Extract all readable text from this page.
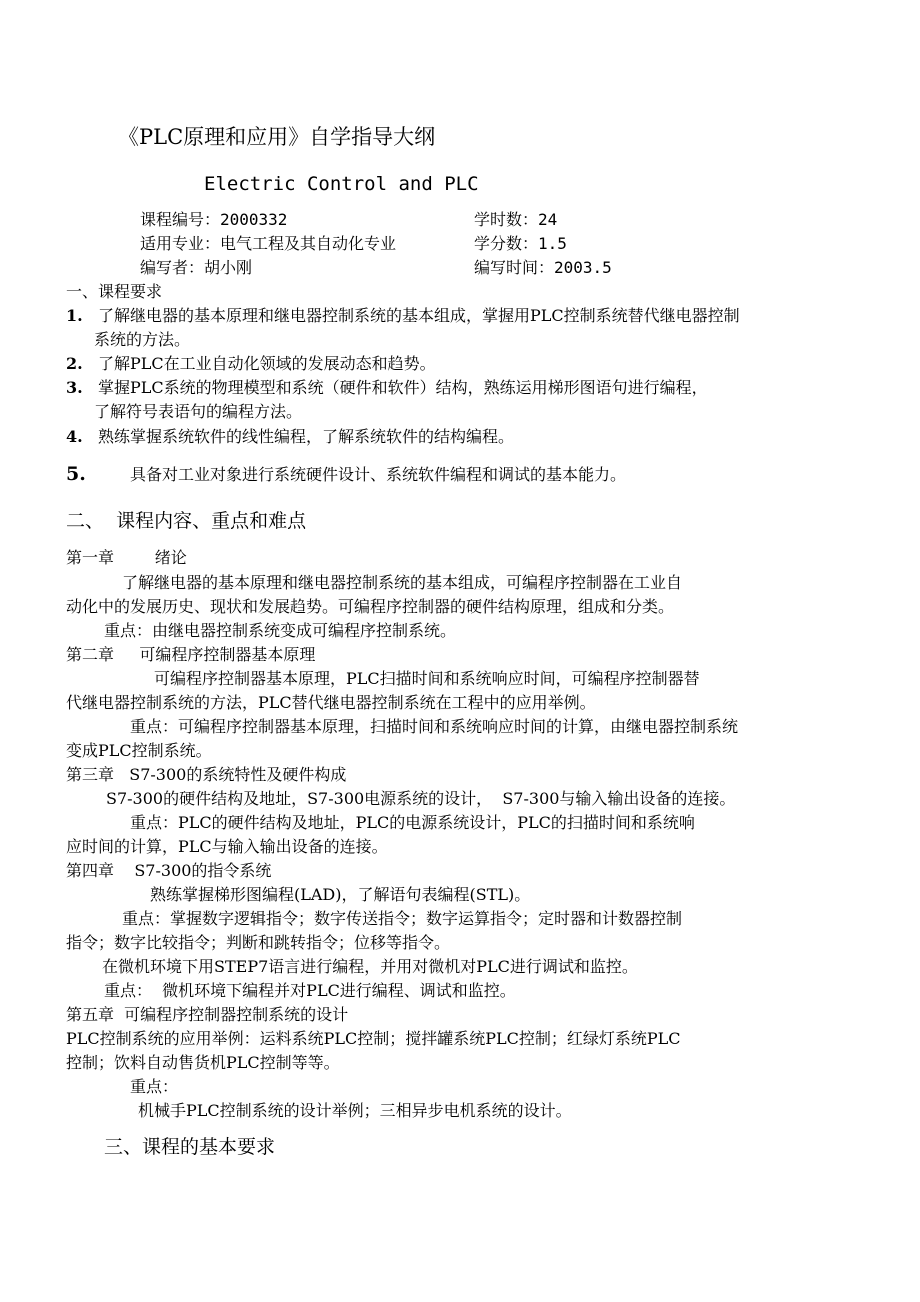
《PLC原理和应用》自学指导大纲
Electric Control and PLC
课程编号：2000332	学时数：24
适用专业：电气工程及其自动化专业	学分数：1.5
编写者：胡小刚	编写时间：2003.5
一、课程要求
1. 了解继电器的基本原理和继电器控制系统的基本组成，掌握用PLC控制系统替代继电器控制
系统的方法。
2. 了解PLC在工业自动化领域的发展动态和趋势。
3. 掌握PLC系统的物理模型和系统（硬件和软件）结构，熟练运用梯形图语句进行编程，
了解符号表语句的编程方法。
4. 熟练掌握系统软件的线性编程，了解系统软件的结构编程。
5.	具备对工业对象进行系统硬件设计、系统软件编程和调试的基本能力。
二、  课程内容、重点和难点
第一章        绪论
了解继电器的基本原理和继电器控制系统的基本组成，可编程序控制器在工业自
动化中的发展历史、现状和发展趋势。可编程序控制器的硬件结构原理，组成和分类。
重点：由继电器控制系统变成可编程序控制系统。
第二章     可编程序控制器基本原理
可编程序控制器基本原理，PLC扫描时间和系统响应时间，可编程序控制器替
代继电器控制系统的方法，PLC替代继电器控制系统在工程中的应用举例。
重点：可编程序控制器基本原理，扫描时间和系统响应时间的计算，由继电器控制系统
变成PLC控制系统。
第三章   S7-300的系统特性及硬件构成
S7-300的硬件结构及地址，S7-300电源系统的设计，  S7-300与输入输出设备的连接。
重点：PLC的硬件结构及地址，PLC的电源系统设计，PLC的扫描时间和系统响
应时间的计算，PLC与输入输出设备的连接。
第四章    S7-300的指令系统
熟练掌握梯形图编程(LAD)，了解语句表编程(STL)。
重点：掌握数字逻辑指令；数字传送指令；数字运算指令；定时器和计数器控制
指令；数字比较指令；判断和跳转指令；位移等指令。
在微机环境下用STEP7语言进行编程，并用对微机对PLC进行调试和监控。
重点：  微机环境下编程并对PLC进行编程、调试和监控。
第五章  可编程序控制器控制系统的设计
PLC控制系统的应用举例：运料系统PLC控制；搅拌罐系统PLC控制；红绿灯系统PLC
控制；饮料自动售货机PLC控制等等。
重点：
机械手PLC控制系统的设计举例；三相异步电机系统的设计。
三、课程的基本要求
